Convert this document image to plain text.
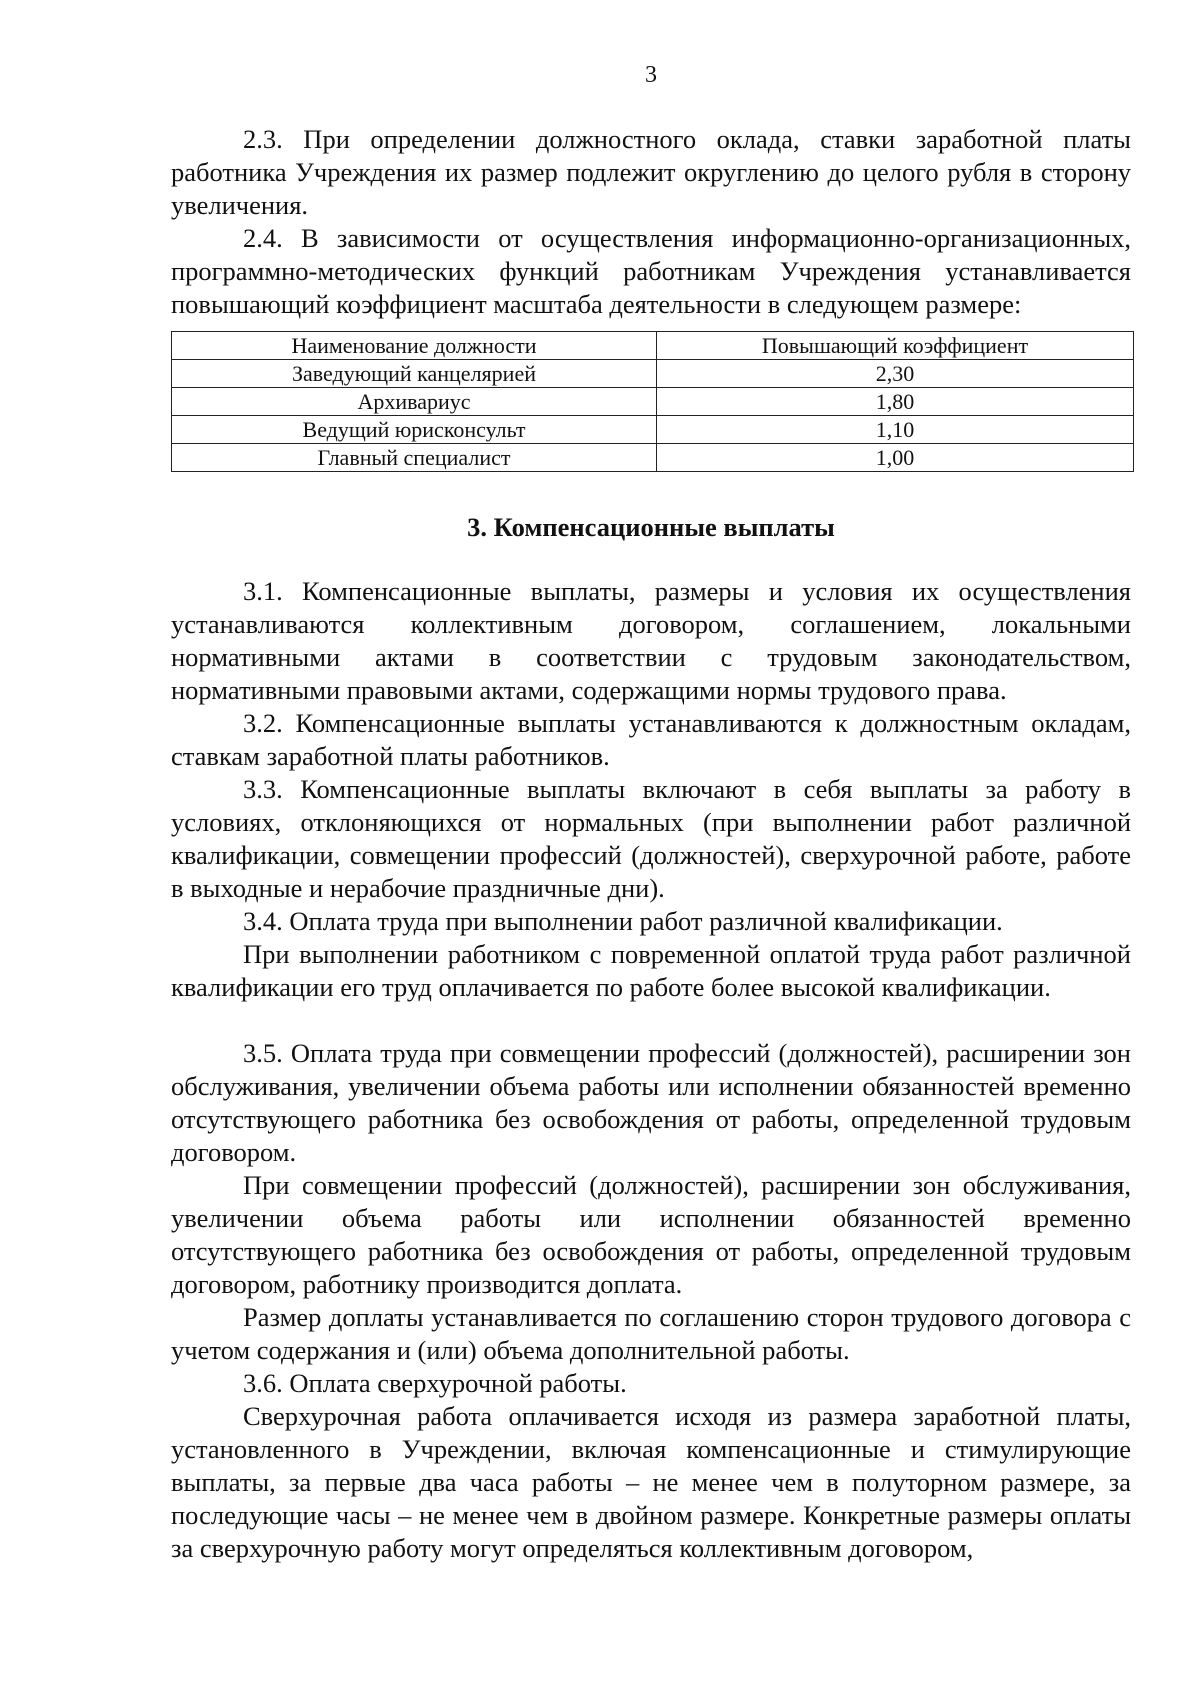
3

2.3. При определении должностного оклада, ставки заработной платы работника Учреждения их размер подлежит округлению до целого рубля в сторону увеличения.

2.4. В зависимости от осуществления информационно-организационных, программно-методических функций работникам Учреждения устанавливается повышающий коэффициент масштаба деятельности в следующем размере:

Наименование должности	Повышающий коэффициент
Заведующий канцелярией	2,30
Архивариус	1,80
Ведущий юрисконсульт	1,10
Главный специалист	1,00
3. Компенсационные выплаты

3.1. Компенсационные выплаты, размеры и условия их осуществления устанавливаются коллективным договором, соглашением, локальными нормативными актами в соответствии с трудовым законодательством, нормативными правовыми актами, содержащими нормы трудового права.

3.2. Компенсационные выплаты устанавливаются к должностным окладам, ставкам заработной платы работников.

3.3. Компенсационные выплаты включают в себя выплаты за работу в условиях, отклоняющихся от нормальных (при выполнении работ различной квалификации, совмещении профессий (должностей), сверхурочной работе, работе в выходные и нерабочие праздничные дни).

3.4. Оплата труда при выполнении работ различной квалификации.

При выполнении работником с повременной оплатой труда работ различной квалификации его труд оплачивается по работе более высокой квалификации.

3.5. Оплата труда при совмещении профессий (должностей), расширении зон обслуживания, увеличении объема работы или исполнении обязанностей временно отсутствующего работника без освобождения от работы, определенной трудовым договором.

При совмещении профессий (должностей), расширении зон обслуживания, увеличении объема работы или исполнении обязанностей временно отсутствующего работника без освобождения от работы, определенной трудовым договором, работнику производится доплата.

Размер доплаты устанавливается по соглашению сторон трудового договора с учетом содержания и (или) объема дополнительной работы.

3.6. Оплата сверхурочной работы.

Сверхурочная работа оплачивается исходя из размера заработной платы, установленного в Учреждении, включая компенсационные и стимулирующие выплаты, за первые два часа работы – не менее чем в полуторном размере, за последующие часы – не менее чем в двойном размере. Конкретные размеры оплаты за сверхурочную работу могут определяться коллективным договором,
